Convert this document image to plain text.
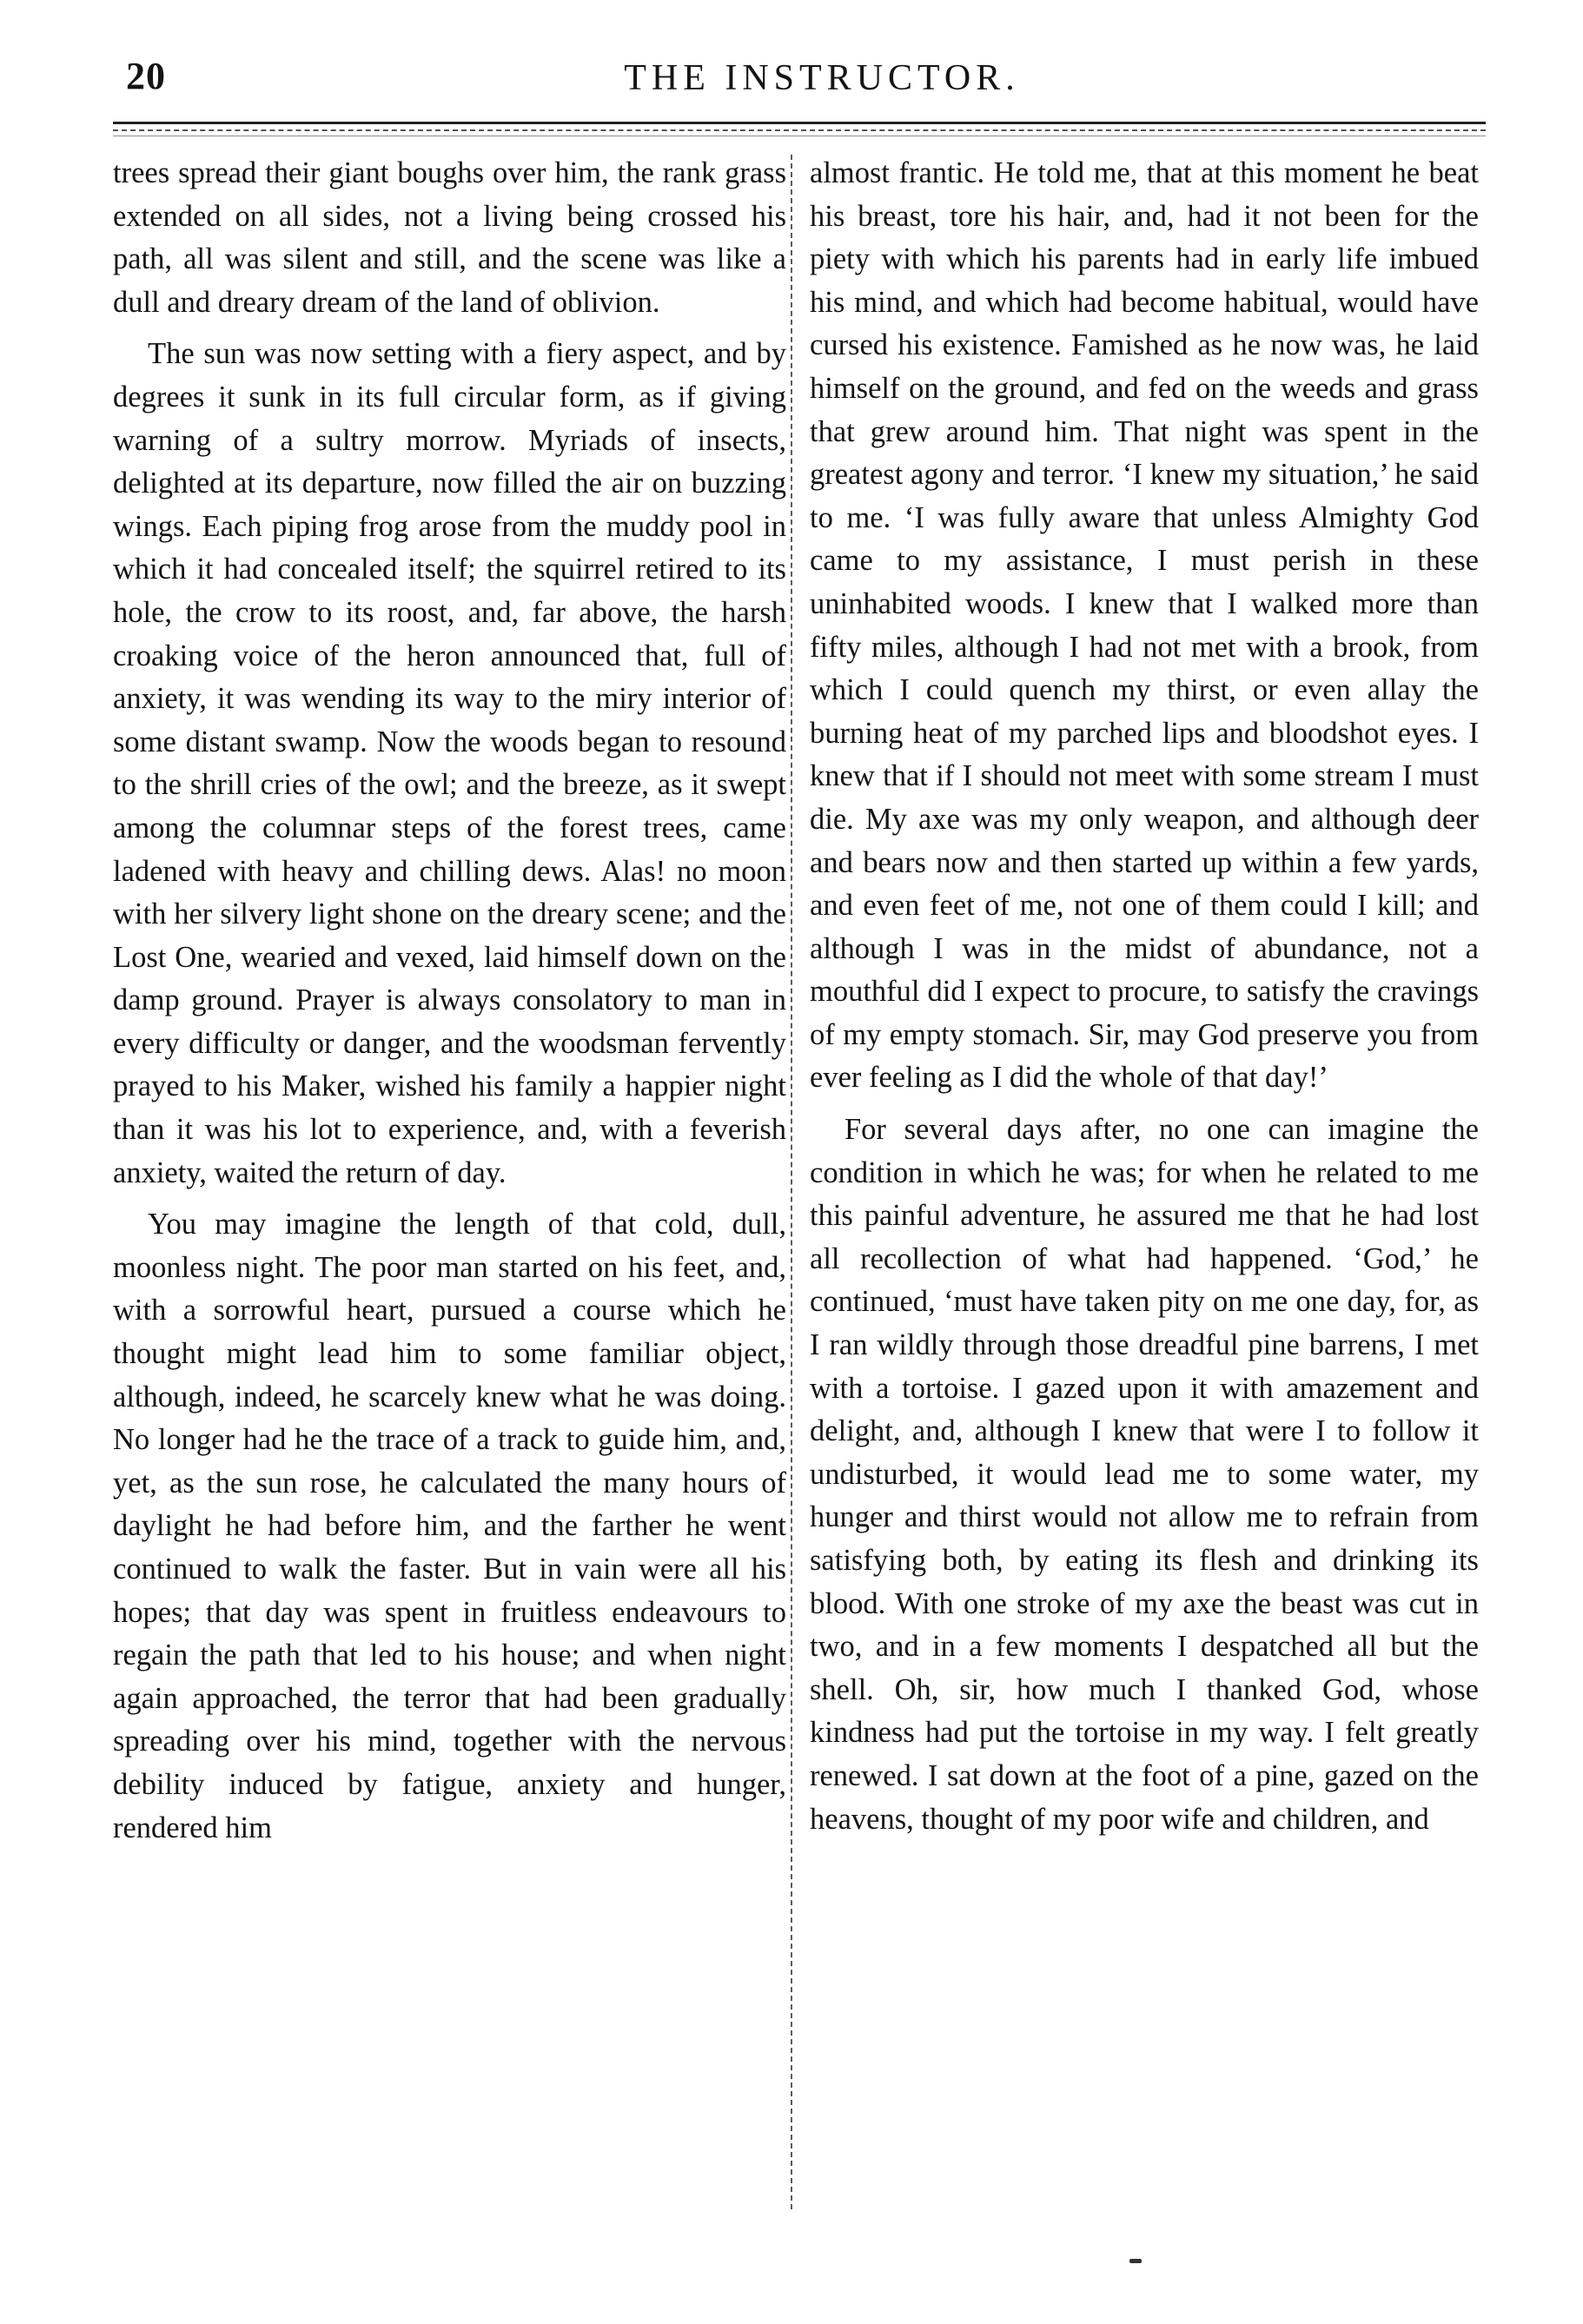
20	THE INSTRUCTOR.

trees spread their giant boughs over him, the rank grass extended on all sides, not a living being crossed his path, all was silent and still, and the scene was like a dull and dreary dream of the land of oblivion.

The sun was now setting with a fiery aspect, and by degrees it sunk in its full circular form, as if giving warning of a sultry morrow. Myriads of insects, delighted at its departure, now filled the air on buzzing wings. Each piping frog arose from the muddy pool in which it had concealed itself; the squirrel retired to its hole, the crow to its roost, and, far above, the harsh croaking voice of the heron announced that, full of anxiety, it was wending its way to the miry interior of some distant swamp. Now the woods began to resound to the shrill cries of the owl; and the breeze, as it swept among the columnar steps of the forest trees, came ladened with heavy and chilling dews. Alas! no moon with her silvery light shone on the dreary scene; and the Lost One, wearied and vexed, laid himself down on the damp ground. Prayer is always consolatory to man in every difficulty or danger, and the woodsman fervently prayed to his Maker, wished his family a happier night than it was his lot to experience, and, with a feverish anxiety, waited the return of day.

You may imagine the length of that cold, dull, moonless night. The poor man started on his feet, and, with a sorrowful heart, pursued a course which he thought might lead him to some familiar object, although, indeed, he scarcely knew what he was doing. No longer had he the trace of a track to guide him, and, yet, as the sun rose, he calculated the many hours of daylight he had before him, and the farther he went continued to walk the faster. But in vain were all his hopes; that day was spent in fruitless endeavours to regain the path that led to his house; and when night again approached, the terror that had been gradually spreading over his mind, together with the nervous debility induced by fatigue, anxiety and hunger, rendered him

almost frantic. He told me, that at this moment he beat his breast, tore his hair, and, had it not been for the piety with which his parents had in early life imbued his mind, and which had become habitual, would have cursed his existence. Famished as he now was, he laid himself on the ground, and fed on the weeds and grass that grew around him. That night was spent in the greatest agony and terror. ‘I knew my situation,’ he said to me. ‘I was fully aware that unless Almighty God came to my assistance, I must perish in these uninhabited woods. I knew that I walked more than fifty miles, although I had not met with a brook, from which I could quench my thirst, or even allay the burning heat of my parched lips and bloodshot eyes. I knew that if I should not meet with some stream I must die. My axe was my only weapon, and although deer and bears now and then started up within a few yards, and even feet of me, not one of them could I kill; and although I was in the midst of abundance, not a mouthful did I expect to procure, to satisfy the cravings of my empty stomach. Sir, may God preserve you from ever feeling as I did the whole of that day!’

For several days after, no one can imagine the condition in which he was; for when he related to me this painful adventure, he assured me that he had lost all recollection of what had happened. ‘God,’ he continued, ‘must have taken pity on me one day, for, as I ran wildly through those dreadful pine barrens, I met with a tortoise. I gazed upon it with amazement and delight, and, although I knew that were I to follow it undisturbed, it would lead me to some water, my hunger and thirst would not allow me to refrain from satisfying both, by eating its flesh and drinking its blood. With one stroke of my axe the beast was cut in two, and in a few moments I despatched all but the shell. Oh, sir, how much I thanked God, whose kindness had put the tortoise in my way. I felt greatly renewed. I sat down at the foot of a pine, gazed on the heavens, thought of my poor wife and children, and
